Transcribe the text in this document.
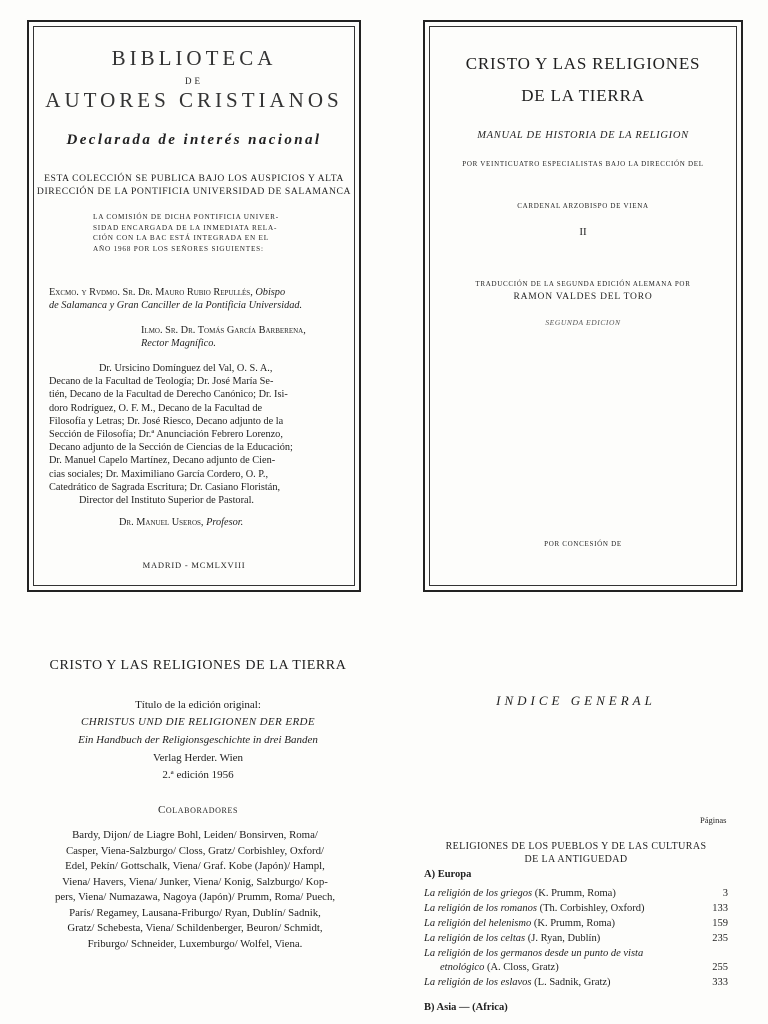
BIBLIOTECA
DE
AUTORES CRISTIANOS
Declarada de interés nacional
ESTA COLECCIÓN SE PUBLICA BAJO LOS AUSPICIOS Y ALTA
DIRECCIÓN DE LA PONTIFICIA UNIVERSIDAD DE SALAMANCA
LA COMISIÓN DE DICHA PONTIFICIA UNIVER-
SIDAD ENCARGADA DE LA INMEDIATA RELA-
CIÓN CON LA BAC ESTÁ INTEGRADA EN EL
AÑO 1968 POR LOS SEÑORES SIGUIENTES:
Excmo. y Rvdmo. Sr. Dr. Mauro Rubio Repullés, Obispo
de Salamanca y Gran Canciller de la Pontificia Universidad.
Ilmo. Sr. Dr. Tomás García Barberena,
Rector Magnífico.
Dr. Ursicino Domínguez del Val, O. S. A.,
Decano de la Facultad de Teología; Dr. José María Se-
tién, Decano de la Facultad de Derecho Canónico; Dr. Isi-
doro Rodríguez, O. F. M., Decano de la Facultad de
Filosofía y Letras; Dr. José Riesco, Decano adjunto de la
Sección de Filosofía; Dr.ª Anunciación Febrero Lorenzo,
Decano adjunto de la Sección de Ciencias de la Educación;
Dr. Manuel Capelo Martínez, Decano adjunto de Cien-
cias sociales; Dr. Maximiliano García Cordero, O. P.,
Catedrático de Sagrada Escritura; Dr. Casiano Floristán,
Director del Instituto Superior de Pastoral.
Dr. Manuel Useros, Profesor.
MADRID - MCMLXVIII
CRISTO Y LAS RELIGIONES
DE LA TIERRA
MANUAL DE HISTORIA DE LA RELIGION
POR VEINTICUATRO ESPECIALISTAS BAJO LA DIRECCIÓN DEL
CARDENAL ARZOBISPO DE VIENA
II
TRADUCCIÓN DE LA SEGUNDA EDICIÓN ALEMANA POR
RAMON VALDES DEL TORO
SEGUNDA EDICION
POR CONCESIÓN DE
CRISTO Y LAS RELIGIONES DE LA TIERRA
Título de la edición original:
CHRISTUS UND DIE RELIGIONEN DER ERDE
Ein Handbuch der Religionsgeschichte in drei Banden
Verlag Herder. Wien
2.ª edición 1956
Colaboradores
Bardy, Dijon/ de Liagre Bohl, Leiden/ Bonsirven, Roma/
Casper, Viena-Salzburgo/ Closs, Gratz/ Corbishley, Oxford/
Edel, Pekín/ Gottschalk, Viena/ Graf. Kobe (Japón)/ Hampl,
Viena/ Havers, Viena/ Junker, Viena/ Konig, Salzburgo/ Kop-
pers, Viena/ Numazawa, Nagoya (Japón)/ Prumm, Roma/ Puech,
París/ Regamey, Lausana-Friburgo/ Ryan, Dublín/ Sadnik,
Gratz/ Schebesta, Viena/ Schildenberger, Beuron/ Schmidt,
Friburgo/ Schneider, Luxemburgo/ Wolfel, Viena.
INDICE GENERAL
Páginas
RELIGIONES DE LOS PUEBLOS Y DE LAS CULTURAS
DE LA ANTIGUEDAD
A) Europa
La religión de los griegos (K. Prumm, Roma)	3
La religión de los romanos (Th. Corbishley, Oxford)	133
La religión del helenismo (K. Prumm, Roma)	159
La religión de los celtas (J. Ryan, Dublín)	235
La religión de los germanos desde un punto de vista
etnológico (A. Closs, Gratz)	255
La religión de los eslavos (L. Sadnik, Gratz)	333
B) Asia — (Africa)
